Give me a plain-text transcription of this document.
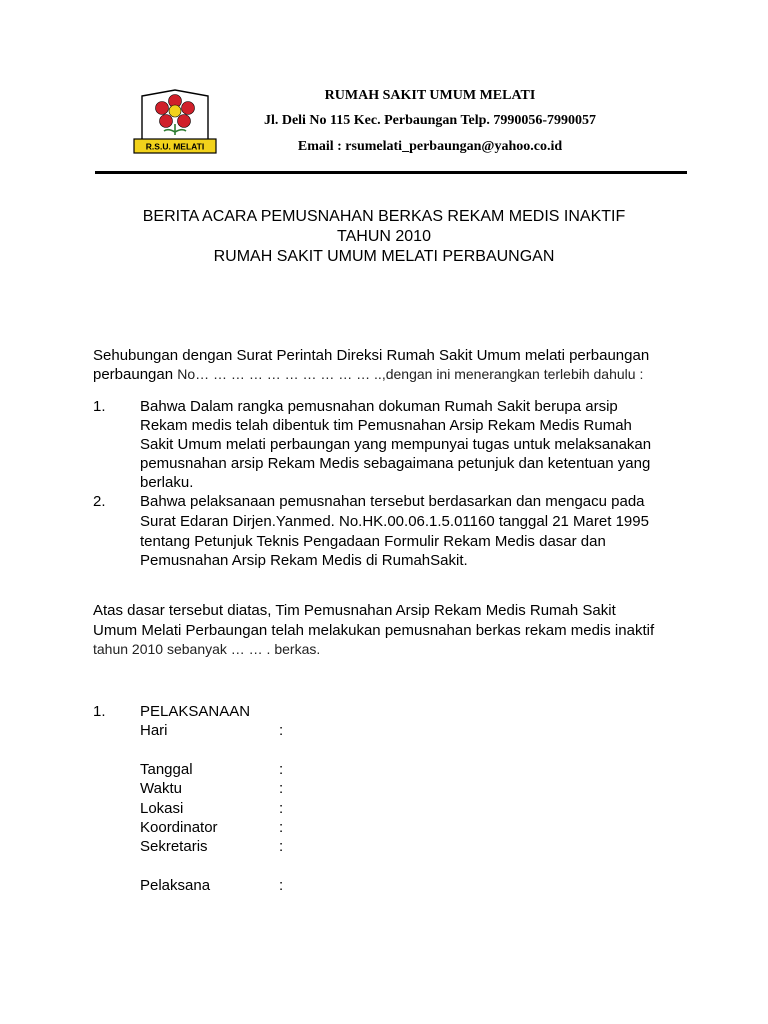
R.S.U. MELATI
RUMAH SAKIT UMUM MELATI
Jl. Deli No 115 Kec. Perbaungan Telp. 7990056-7990057
Email : rsumelati_perbaungan@yahoo.co.id
BERITA ACARA PEMUSNAHAN BERKAS REKAM MEDIS INAKTIF
TAHUN 2010
RUMAH SAKIT UMUM MELATI PERBAUNGAN
Sehubungan dengan Surat Perintah Direksi Rumah Sakit Umum melati perbaungan
perbaungan No… … … … … … … … … … ..,dengan ini menerangkan terlebih dahulu :
1. Bahwa Dalam rangka pemusnahan dokuman Rumah Sakit berupa arsip
Rekam medis telah dibentuk tim Pemusnahan Arsip Rekam Medis Rumah
Sakit Umum melati perbaungan yang mempunyai tugas untuk melaksanakan
pemusnahan arsip Rekam Medis sebagaimana petunjuk dan ketentuan yang
berlaku.
2. Bahwa pelaksanaan pemusnahan tersebut berdasarkan dan mengacu pada
Surat Edaran Dirjen.Yanmed. No.HK.00.06.1.5.01160 tanggal 21 Maret 1995
tentang Petunjuk Teknis Pengadaan Formulir Rekam Medis dasar dan
Pemusnahan Arsip Rekam Medis di RumahSakit.
Atas dasar tersebut diatas, Tim Pemusnahan Arsip Rekam Medis Rumah Sakit
Umum Melati Perbaungan telah melakukan pemusnahan berkas rekam medis inaktif
tahun 2010 sebanyak … … . berkas.
1. PELAKSANAAN
Hari	:
Tanggal	:
Waktu	:
Lokasi	:
Koordinator	:
Sekretaris	:
Pelaksana	:
